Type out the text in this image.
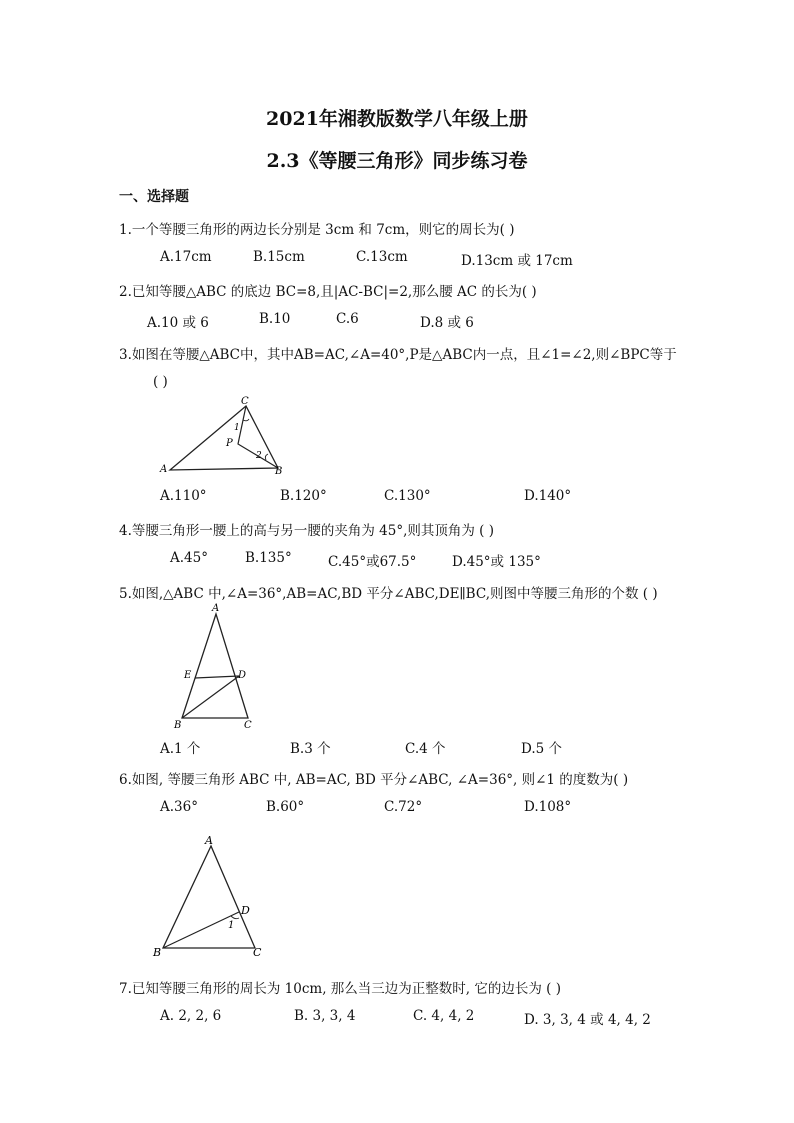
2021年湘教版数学八年级上册
2.3《等腰三角形》同步练习卷
一、选择题
1.一个等腰三角形的两边长分别是 3cm 和 7cm，则它的周长为( )
A.17cm	B.15cm	C.13cm	D.13cm 或 17cm
2.已知等腰△ABC 的底边 BC=8,且|AC-BC|=2,那么腰 AC 的长为( )
A.10 或 6	B.10	C.6	D.8 或 6
3.如图在等腰△ABC中，其中AB=AC,∠A=40°,P是△ABC内一点，且∠1=∠2,则∠BPC等于
( )
A
C
B
P
1
2
A.110°	B.120°	C.130°	D.140°
4.等腰三角形一腰上的高与另一腰的夹角为 45°,则其顶角为 ( )
A.45°	B.135°	C.45°或67.5°	D.45°或 135°
5.如图,△ABC 中,∠A=36°,AB=AC,BD 平分∠ABC,DE∥BC,则图中等腰三角形的个数 ( )
A
E	D
B	C
A.1 个	B.3 个	C.4 个	D.5 个
6.如图, 等腰三角形 ABC 中, AB=AC, BD 平分∠ABC, ∠A=36°, 则∠1 的度数为( )
A.36°	B.60°	C.72°	D.108°
A
D
B	C
1
7.已知等腰三角形的周长为 10cm, 那么当三边为正整数时, 它的边长为 ( )
A. 2, 2, 6	B. 3, 3, 4	C. 4, 4, 2	D. 3, 3, 4 或 4, 4, 2
